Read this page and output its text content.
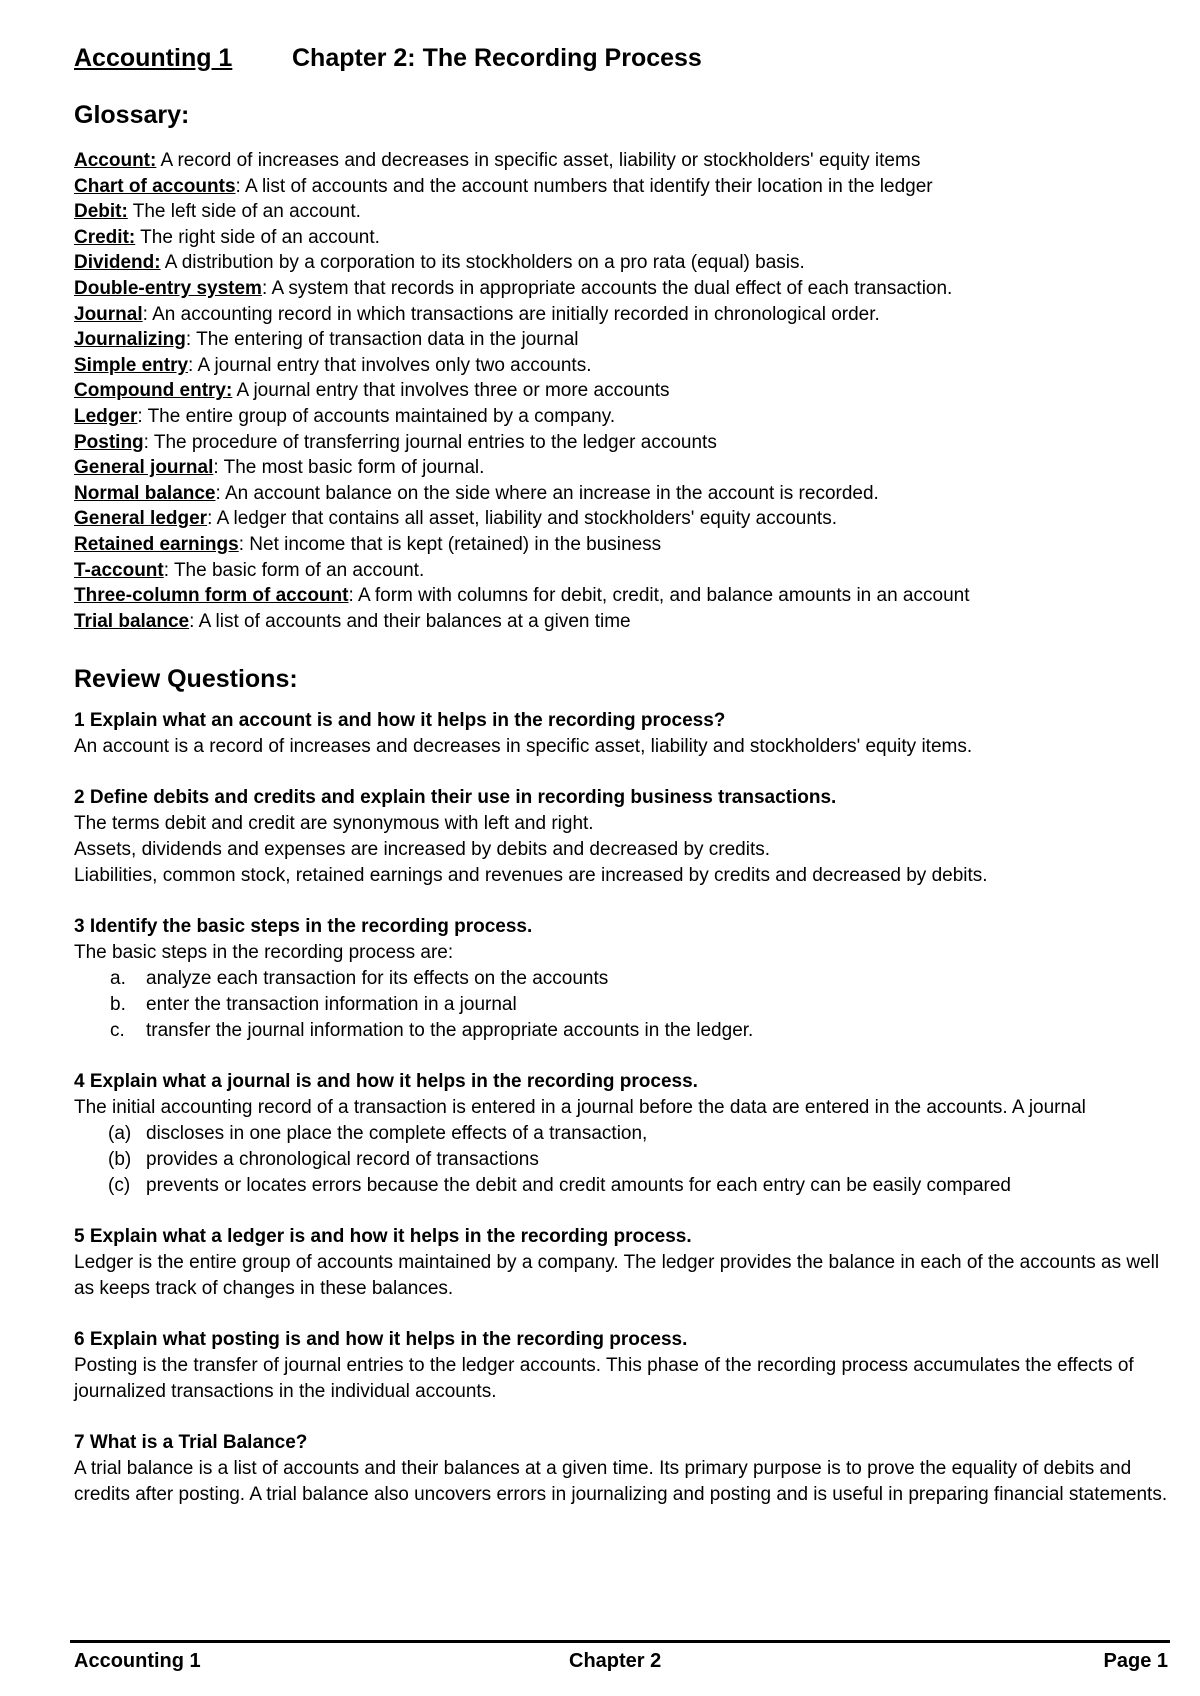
Accounting 1 Chapter 2: The Recording Process
Glossary:
Account: A record of increases and decreases in specific asset, liability or stockholders' equity items
Chart of accounts: A list of accounts and the account numbers that identify their location in the ledger
Debit: The left side of an account.
Credit: The right side of an account.
Dividend: A distribution by a corporation to its stockholders on a pro rata (equal) basis.
Double-entry system: A system that records in appropriate accounts the dual effect of each transaction.
Journal: An accounting record in which transactions are initially recorded in chronological order.
Journalizing: The entering of transaction data in the journal
Simple entry: A journal entry that involves only two accounts.
Compound entry: A journal entry that involves three or more accounts
Ledger: The entire group of accounts maintained by a company.
Posting: The procedure of transferring journal entries to the ledger accounts
General journal: The most basic form of journal.
Normal balance: An account balance on the side where an increase in the account is recorded.
General ledger: A ledger that contains all asset, liability and stockholders' equity accounts.
Retained earnings: Net income that is kept (retained) in the business
T-account: The basic form of an account.
Three-column form of account: A form with columns for debit, credit, and balance amounts in an account
Trial balance: A list of accounts and their balances at a given time
Review Questions:
1 Explain what an account is and how it helps in the recording process?
An account is a record of increases and decreases in specific asset, liability and stockholders' equity items.
2 Define debits and credits and explain their use in recording business transactions.
The terms debit and credit are synonymous with left and right.
Assets, dividends and expenses are increased by debits and decreased by credits.
Liabilities, common stock, retained earnings and revenues are increased by credits and decreased by debits.
3 Identify the basic steps in the recording process.
The basic steps in the recording process are:
a.	analyze each transaction for its effects on the accounts
b.	enter the transaction information in a journal
c.	transfer the journal information to the appropriate accounts in the ledger.
4 Explain what a journal is and how it helps in the recording process.
The initial accounting record of a transaction is entered in a journal before the data are entered in the accounts. A journal
(a) discloses in one place the complete effects of a transaction,
(b) provides a chronological record of transactions
(c) prevents or locates errors because the debit and credit amounts for each entry can be easily compared
5 Explain what a ledger is and how it helps in the recording process.
Ledger is the entire group of accounts maintained by a company. The ledger provides the balance in each of the accounts as well as keeps track of changes in these balances.
6 Explain what posting is and how it helps in the recording process.
Posting is the transfer of journal entries to the ledger accounts. This phase of the recording process accumulates the effects of journalized transactions in the individual accounts.
7 What is a Trial Balance?
A trial balance is a list of accounts and their balances at a given time. Its primary purpose is to prove the equality of debits and credits after posting. A trial balance also uncovers errors in journalizing and posting and is useful in preparing financial statements.
Accounting 1	Chapter 2	Page 1
